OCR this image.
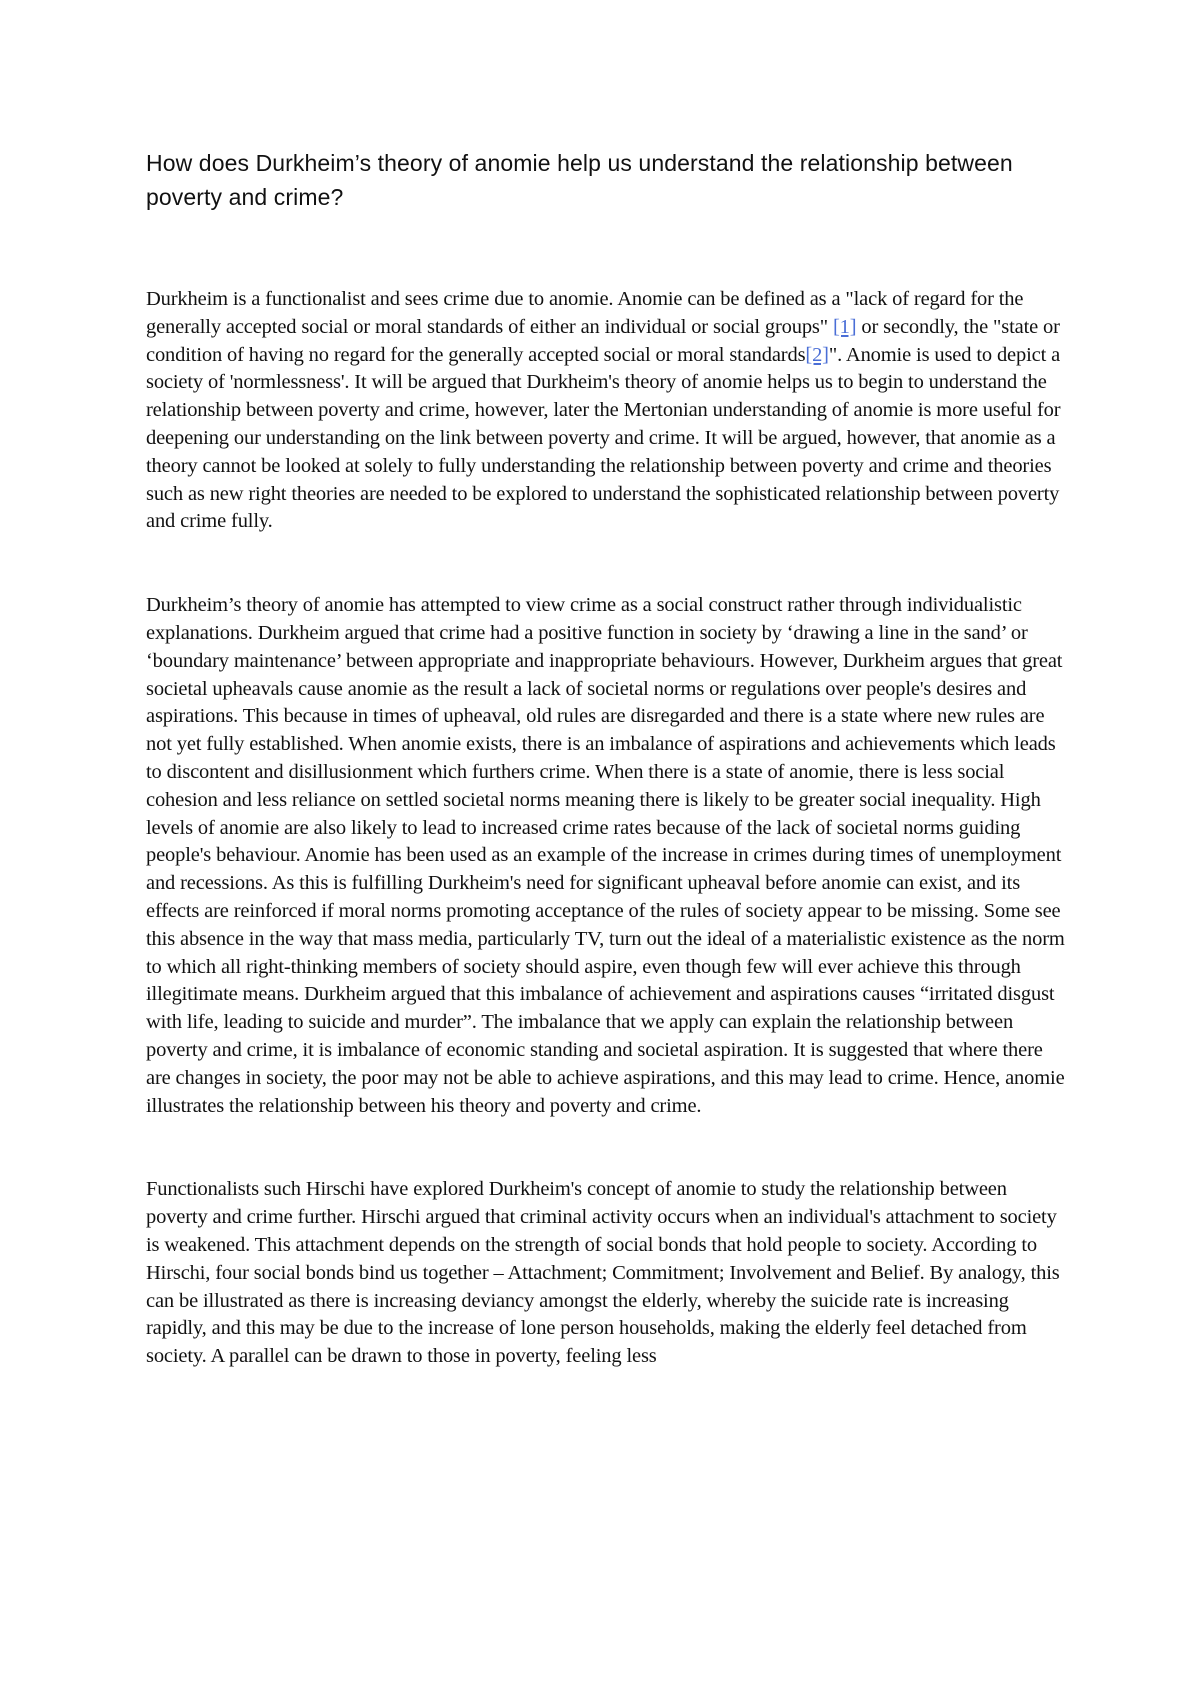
How does Durkheim’s theory of anomie help us understand the relationship between poverty and crime?

Durkheim is a functionalist and sees crime due to anomie. Anomie can be defined as a "lack of regard for the generally accepted social or moral standards of either an individual or social groups" [1] or secondly, the "state or condition of having no regard for the generally accepted social or moral standards[2]". Anomie is used to depict a society of 'normlessness'. It will be argued that Durkheim's theory of anomie helps us to begin to understand the relationship between poverty and crime, however, later the Mertonian understanding of anomie is more useful for deepening our understanding on the link between poverty and crime. It will be argued, however, that anomie as a theory cannot be looked at solely to fully understanding the relationship between poverty and crime and theories such as new right theories are needed to be explored to understand the sophisticated relationship between poverty and crime fully.

Durkheim’s theory of anomie has attempted to view crime as a social construct rather through individualistic explanations. Durkheim argued that crime had a positive function in society by ‘drawing a line in the sand’ or ‘boundary maintenance’ between appropriate and inappropriate behaviours. However, Durkheim argues that great societal upheavals cause anomie as the result a lack of societal norms or regulations over people's desires and aspirations. This because in times of upheaval, old rules are disregarded and there is a state where new rules are not yet fully established. When anomie exists, there is an imbalance of aspirations and achievements which leads to discontent and disillusionment which furthers crime. When there is a state of anomie, there is less social cohesion and less reliance on settled societal norms meaning there is likely to be greater social inequality. High levels of anomie are also likely to lead to increased crime rates because of the lack of societal norms guiding people's behaviour. Anomie has been used as an example of the increase in crimes during times of unemployment and recessions. As this is fulfilling Durkheim's need for significant upheaval before anomie can exist, and its effects are reinforced if moral norms promoting acceptance of the rules of society appear to be missing. Some see this absence in the way that mass media, particularly TV, turn out the ideal of a materialistic existence as the norm to which all right-thinking members of society should aspire, even though few will ever achieve this through illegitimate means. Durkheim argued that this imbalance of achievement and aspirations causes “irritated disgust with life, leading to suicide and murder”. The imbalance that we apply can explain the relationship between poverty and crime, it is imbalance of economic standing and societal aspiration. It is suggested that where there are changes in society, the poor may not be able to achieve aspirations, and this may lead to crime. Hence, anomie illustrates the relationship between his theory and poverty and crime.

Functionalists such Hirschi have explored Durkheim's concept of anomie to study the relationship between poverty and crime further. Hirschi argued that criminal activity occurs when an individual's attachment to society is weakened. This attachment depends on the strength of social bonds that hold people to society. According to Hirschi, four social bonds bind us together – Attachment; Commitment; Involvement and Belief. By analogy, this can be illustrated as there is increasing deviancy amongst the elderly, whereby the suicide rate is increasing rapidly, and this may be due to the increase of lone person households, making the elderly feel detached from society. A parallel can be drawn to those in poverty, feeling less
